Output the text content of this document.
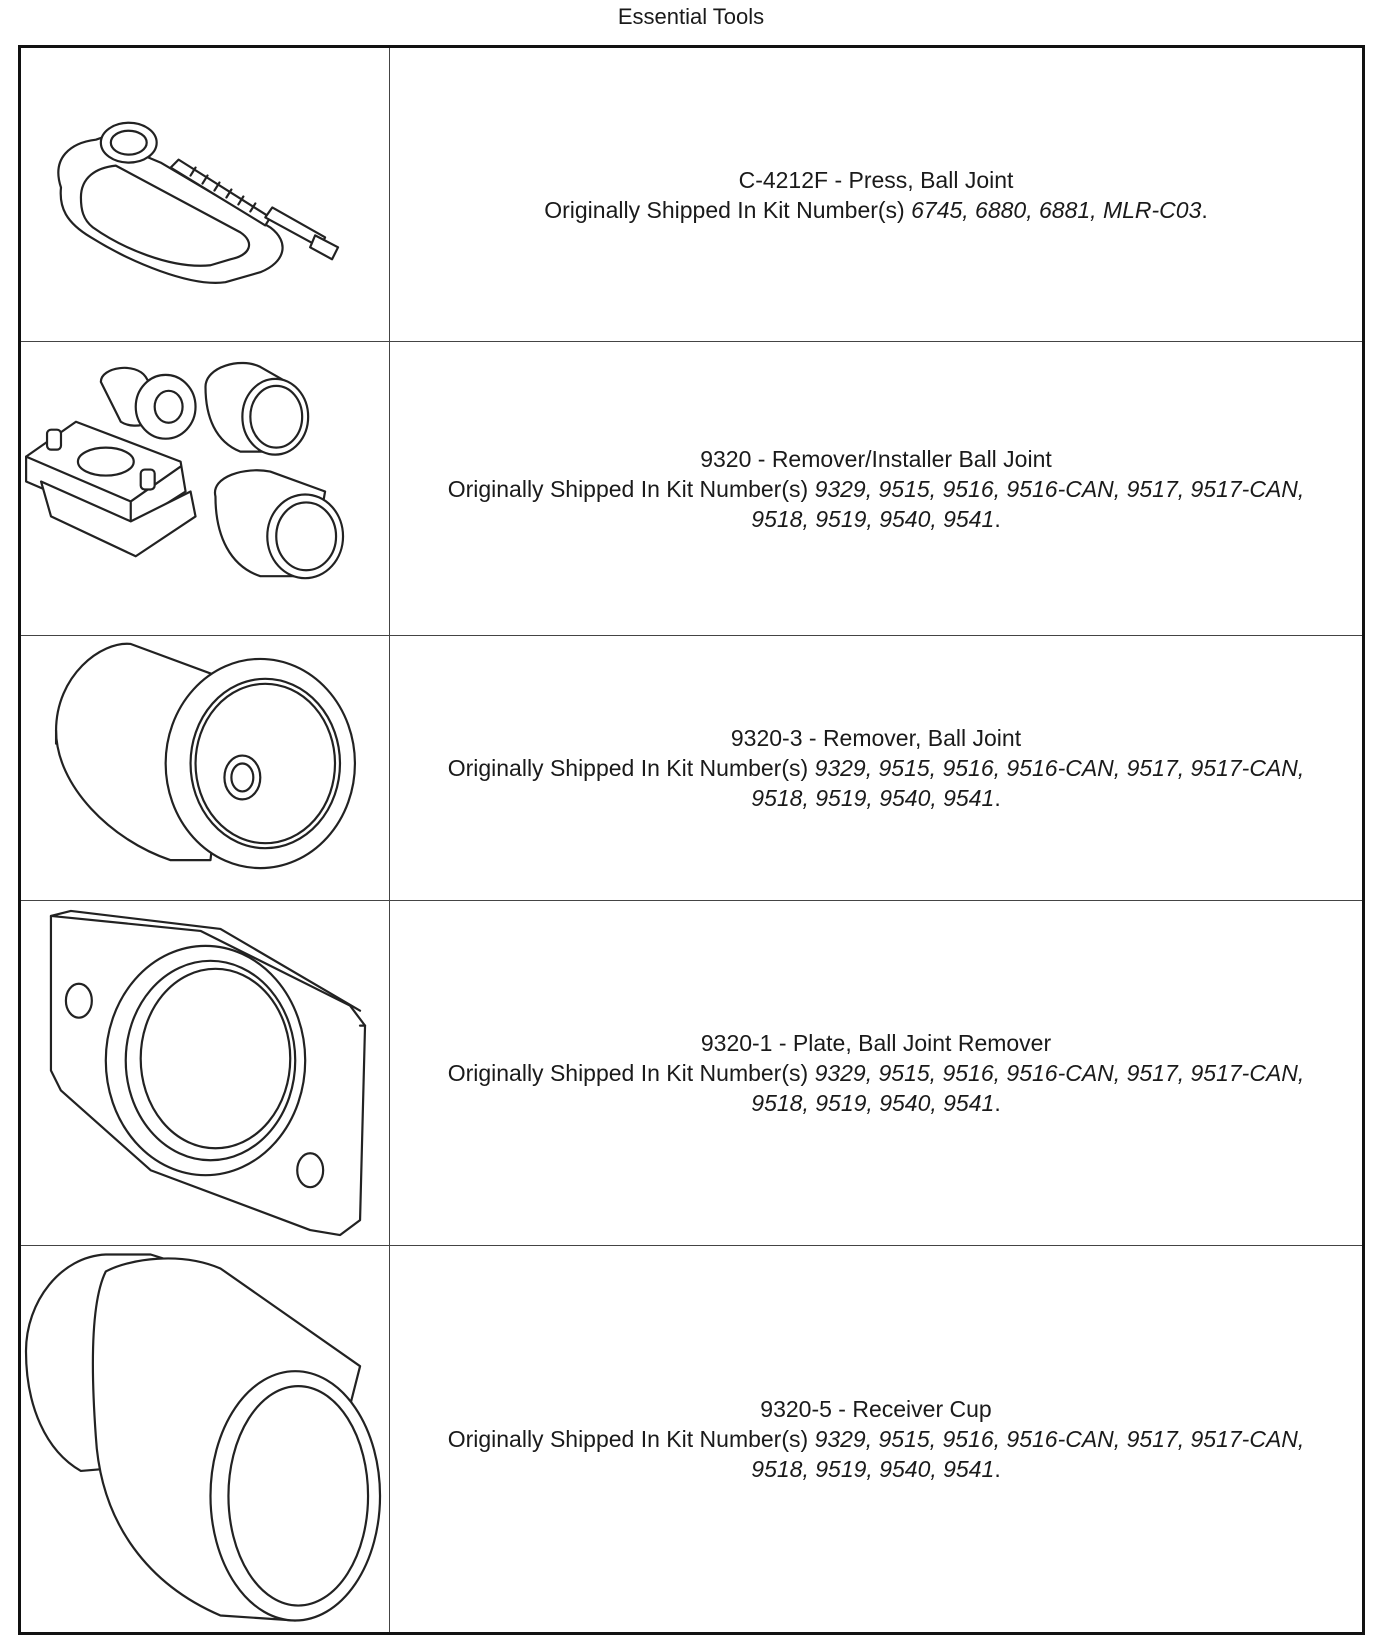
Essential Tools
C-4212F - Press, Ball Joint
Originally Shipped In Kit Number(s) 6745, 6880, 6881, MLR-C03.
9320 - Remover/Installer Ball Joint
Originally Shipped In Kit Number(s) 9329, 9515, 9516, 9516-CAN, 9517, 9517-CAN,
9518, 9519, 9540, 9541.
9320-3 - Remover, Ball Joint
Originally Shipped In Kit Number(s) 9329, 9515, 9516, 9516-CAN, 9517, 9517-CAN,
9518, 9519, 9540, 9541.
9320-1 - Plate, Ball Joint Remover
Originally Shipped In Kit Number(s) 9329, 9515, 9516, 9516-CAN, 9517, 9517-CAN,
9518, 9519, 9540, 9541.
9320-5 - Receiver Cup
Originally Shipped In Kit Number(s) 9329, 9515, 9516, 9516-CAN, 9517, 9517-CAN,
9518, 9519, 9540, 9541.
